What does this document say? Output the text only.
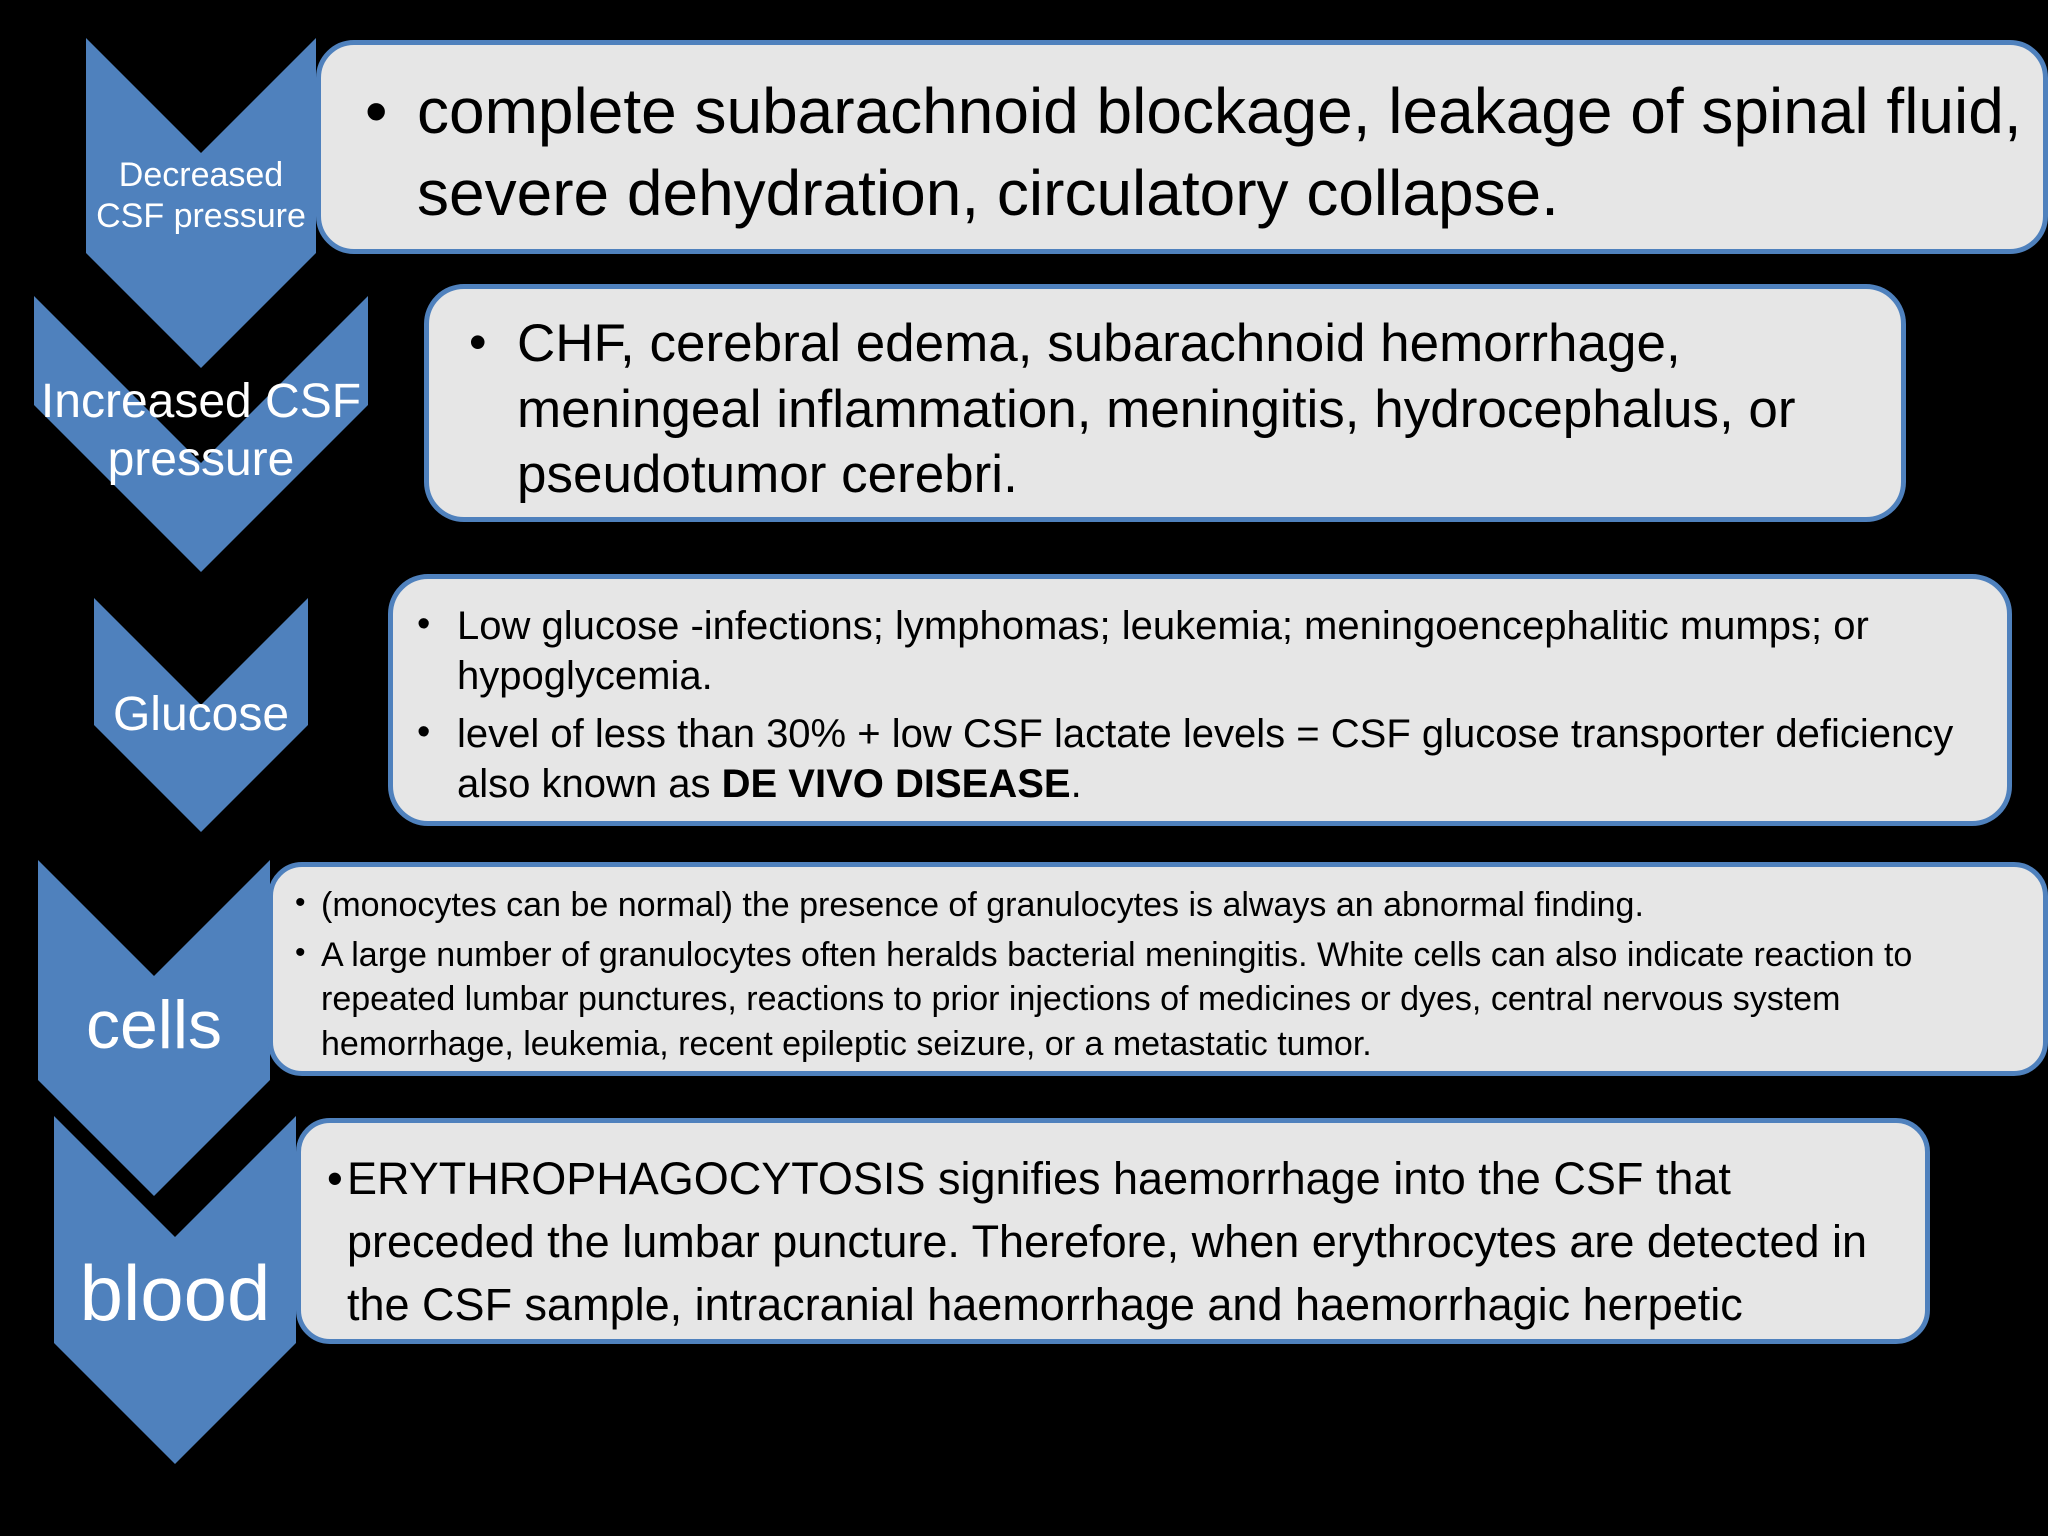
Decreased
CSF pressure
• complete subarachnoid blockage, leakage of spinal fluid, severe dehydration, circulatory collapse.
Increased CSF
pressure
• CHF, cerebral edema, subarachnoid hemorrhage, meningeal inflammation, meningitis, hydrocephalus, or pseudotumor cerebri.
Glucose
• Low glucose -infections; lymphomas; leukemia; meningoencephalitic mumps; or hypoglycemia.
• level of less than 30% + low CSF lactate levels = CSF glucose transporter deficiency also known as DE VIVO DISEASE.
cells
• (monocytes can be normal) the presence of granulocytes is always an abnormal finding.
• A large number of granulocytes often heralds bacterial meningitis. White cells can also indicate reaction to repeated lumbar punctures, reactions to prior injections of medicines or dyes, central nervous system hemorrhage, leukemia, recent epileptic seizure, or a metastatic tumor.
blood
• ERYTHROPHAGOCYTOSIS signifies haemorrhage into the CSF that preceded the lumbar puncture. Therefore, when erythrocytes are detected in the CSF sample, intracranial haemorrhage and haemorrhagic herpetic encephalitis.
